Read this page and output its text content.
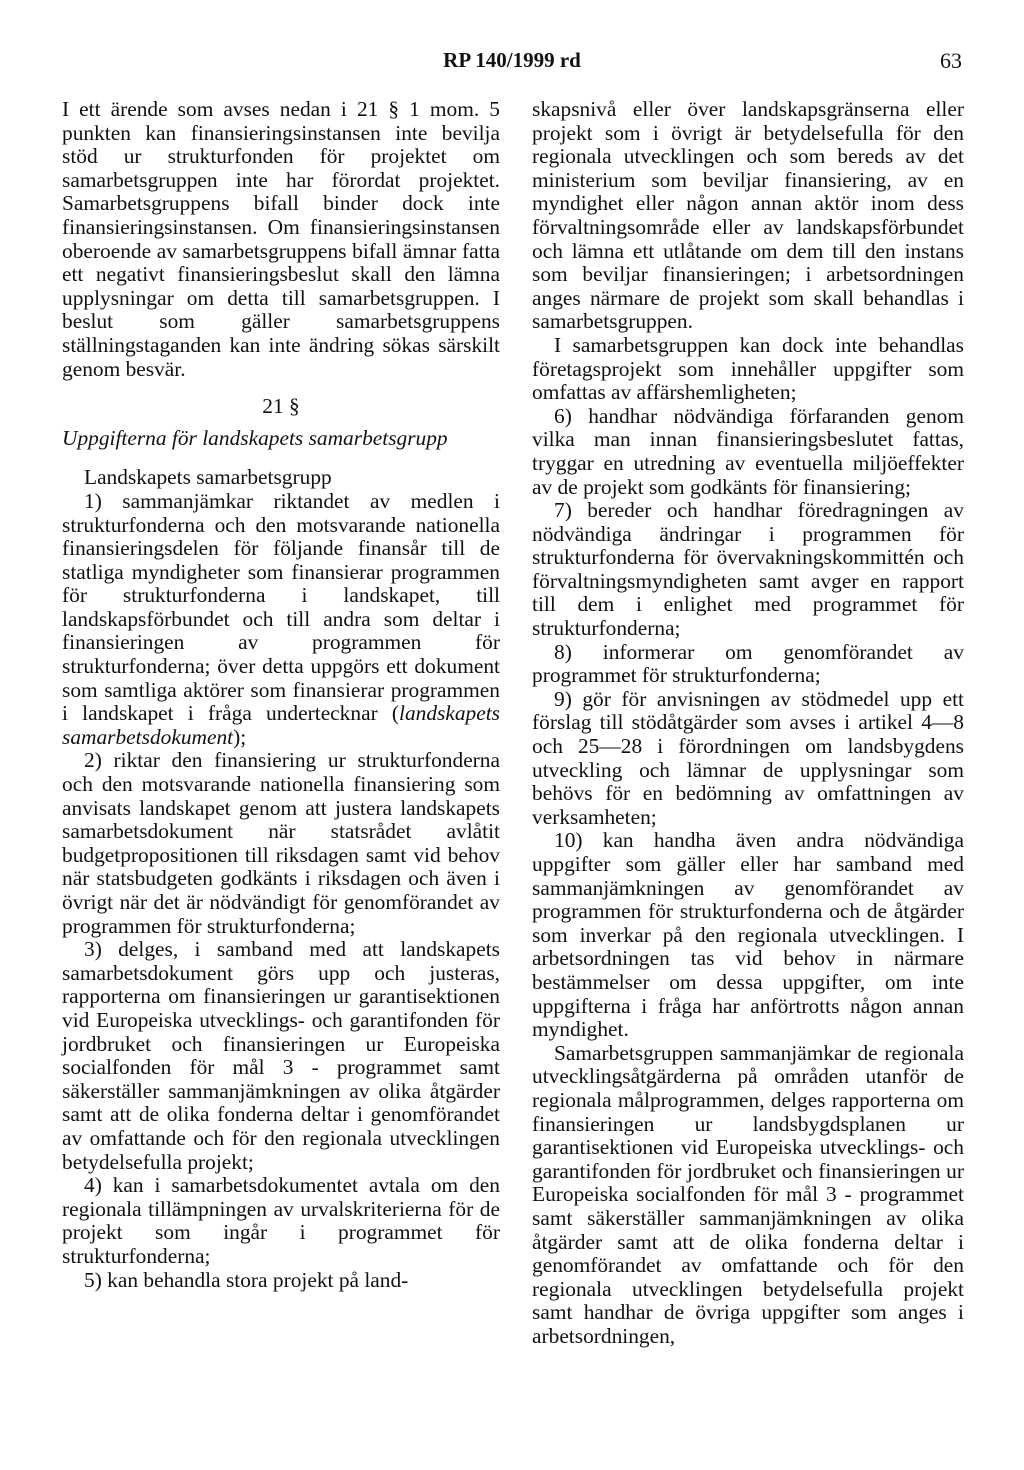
RP 140/1999 rd	63

I ett ärende som avses nedan i 21 § 1 mom. 5 punkten kan finansieringsinstansen inte bevilja stöd ur strukturfonden för projektet om samarbetsgruppen inte har förordat projektet. Samarbetsgruppens bifall binder dock inte finansieringsinstansen. Om finansieringsinstansen oberoende av samarbetsgruppens bifall ämnar fatta ett negativt finansieringsbeslut skall den lämna upplysningar om detta till samarbetsgruppen. I beslut som gäller samarbetsgruppens ställningstaganden kan inte ändring sökas särskilt genom besvär.

21 §

Uppgifterna för landskapets samarbetsgrupp

Landskapets samarbetsgrupp

1) sammanjämkar riktandet av medlen i strukturfonderna och den motsvarande nationella finansieringsdelen för följande finansår till de statliga myndigheter som finansierar programmen för strukturfonderna i landskapet, till landskapsförbundet och till andra som deltar i finansieringen av programmen för strukturfonderna; över detta uppgörs ett dokument som samtliga aktörer som finansierar programmen i landskapet i fråga undertecknar (landskapets samarbetsdokument);

2) riktar den finansiering ur strukturfonderna och den motsvarande nationella finansiering som anvisats landskapet genom att justera landskapets samarbetsdokument när statsrådet avlåtit budgetpropositionen till riksdagen samt vid behov när statsbudgeten godkänts i riksdagen och även i övrigt när det är nödvändigt för genomförandet av programmen för strukturfonderna;

3) delges, i samband med att landskapets samarbetsdokument görs upp och justeras, rapporterna om finansieringen ur garantisektionen vid Europeiska utvecklings- och garantifonden för jordbruket och finansieringen ur Europeiska socialfonden för mål 3 - programmet samt säkerställer sammanjämkningen av olika åtgärder samt att de olika fonderna deltar i genomförandet av omfattande och för den regionala utvecklingen betydelsefulla projekt;

4) kan i samarbetsdokumentet avtala om den regionala tillämpningen av urvalskriterierna för de projekt som ingår i programmet för strukturfonderna;

5) kan behandla stora projekt på land-

skapsnivå eller över landskapsgränserna eller projekt som i övrigt är betydelsefulla för den regionala utvecklingen och som bereds av det ministerium som beviljar finansiering, av en myndighet eller någon annan aktör inom dess förvaltningsområde eller av landskapsförbundet och lämna ett utlåtande om dem till den instans som beviljar finansieringen; i arbetsordningen anges närmare de projekt som skall behandlas i samarbetsgruppen.

I samarbetsgruppen kan dock inte behandlas företagsprojekt som innehåller uppgifter som omfattas av affärshemligheten;

6) handhar nödvändiga förfaranden genom vilka man innan finansieringsbeslutet fattas, tryggar en utredning av eventuella miljöeffekter av de projekt som godkänts för finansiering;

7) bereder och handhar föredragningen av nödvändiga ändringar i programmen för strukturfonderna för övervakningskommittén och förvaltningsmyndigheten samt avger en rapport till dem i enlighet med programmet för strukturfonderna;

8) informerar om genomförandet av programmet för strukturfonderna;

9) gör för anvisningen av stödmedel upp ett förslag till stödåtgärder som avses i artikel 4—8 och 25—28 i förordningen om landsbygdens utveckling och lämnar de upplysningar som behövs för en bedömning av omfattningen av verksamheten;

10) kan handha även andra nödvändiga uppgifter som gäller eller har samband med sammanjämkningen av genomförandet av programmen för strukturfonderna och de åtgärder som inverkar på den regionala utvecklingen. I arbetsordningen tas vid behov in närmare bestämmelser om dessa uppgifter, om inte uppgifterna i fråga har anförtrotts någon annan myndighet.

Samarbetsgruppen sammanjämkar de regionala utvecklingsåtgärderna på områden utanför de regionala målprogrammen, delges rapporterna om finansieringen ur landsbygdsplanen ur garantisektionen vid Europeiska utvecklings- och garantifonden för jordbruket och finansieringen ur Europeiska socialfonden för mål 3 - programmet samt säkerställer sammanjämkningen av olika åtgärder samt att de olika fonderna deltar i genomförandet av omfattande och för den regionala utvecklingen betydelsefulla projekt samt handhar de övriga uppgifter som anges i arbetsordningen,
